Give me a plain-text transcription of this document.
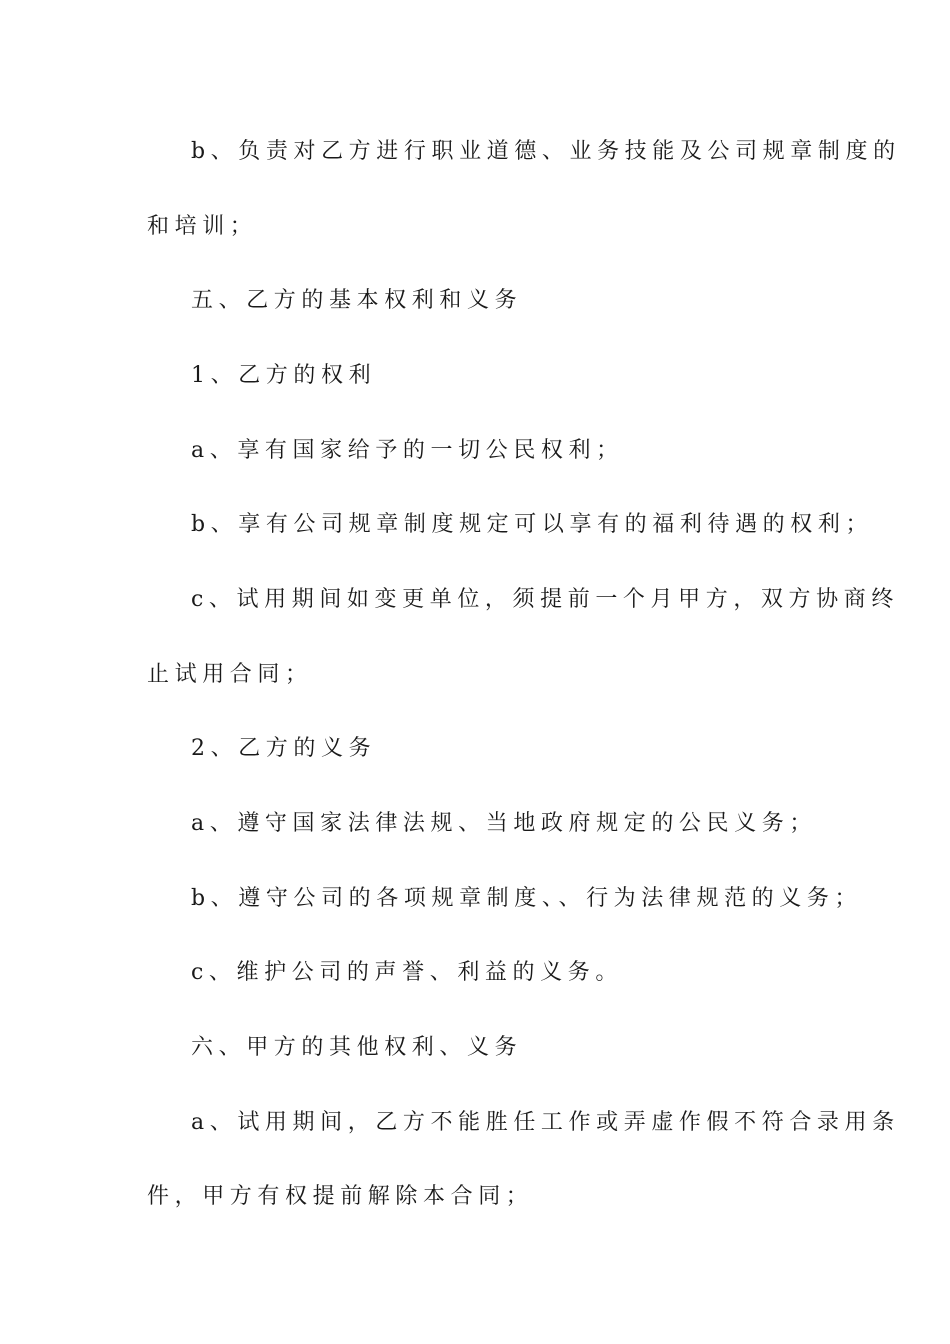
b、负责对乙方进行职业道德、业务技能及公司规章制度的
和培训；
五、乙方的基本权利和义务
1、乙方的权利
a、享有国家给予的一切公民权利；
b、享有公司规章制度规定可以享有的福利待遇的权利；
c、试用期间如变更单位，须提前一个月甲方，双方协商终
止试用合同；
2、乙方的义务
a、遵守国家法律法规、当地政府规定的公民义务；
b、遵守公司的各项规章制度、、行为法律规范的义务；
c、维护公司的声誉、利益的义务。
六、甲方的其他权利、义务
a、试用期间，乙方不能胜任工作或弄虚作假不符合录用条
件，甲方有权提前解除本合同；
